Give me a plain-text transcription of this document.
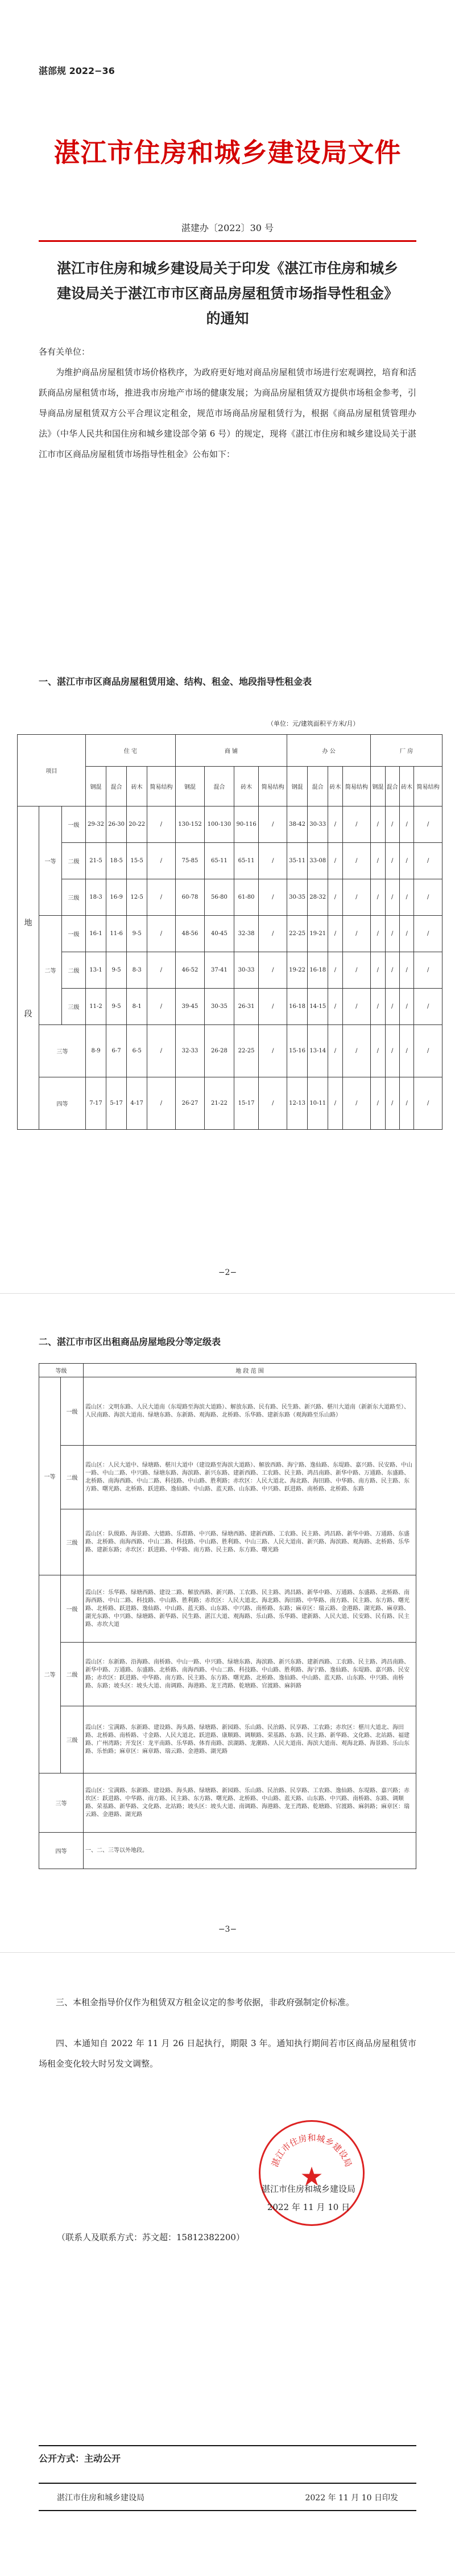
湛部规 2022−36
湛江市住房和城乡建设局文件
湛建办〔2022〕30 号
湛江市住房和城乡建设局关于印发《湛江市住房和城乡建设局关于湛江市市区商品房屋租赁市场指导性租金》的通知
各有关单位：
为维护商品房屋租赁市场价格秩序，为政府更好地对商品房屋租赁市场进行宏观调控，培育和活跃商品房屋租赁市场，推进我市房地产市场的健康发展；为商品房屋租赁双方提供市场租金参考，引导商品房屋租赁双方公平合理议定租金，规范市场商品房屋租赁行为，根据《商品房屋租赁管理办法》（中华人民共和国住房和城乡建设部令第 6 号）的规定，现将《湛江市住房和城乡建设局关于湛江市市区商品房屋租赁市场指导性租金》公布如下：
一、湛江市市区商品房屋租赁用途、结构、租金、地段指导性租金表
（单位：元/建筑面积平方米/月）
项目			住 宅				商 铺				办 公				厂 房			
			钢混	混合	砖木	简易结构	钢混	混合	砖木	简易结构	钢混	混合	砖木	简易结构	钢混	混合	砖木	简易结构

地
段	一等	一级	29-32	26-30	20-22	/	130-152	100-130	90-116	/	38-42	30-33	/	/	/	/	/	/
		二级	21-5	18-5	15-5	/	75-85	65-11	65-11	/	35-11	33-08	/	/	/	/	/	/
		三级	18-3	16-9	12-5	/	60-78	56-80	61-80	/	30-35	28-32	/	/	/	/	/	/
	二等	一级	16-1	11-6	9-5	/	48-56	40-45	32-38	/	22-25	19-21	/	/	/	/	/	/
		二级	13-1	9-5	8-3	/	46-52	37-41	30-33	/	19-22	16-18	/	/	/	/	/	/
		三级	11-2	9-5	8-1	/	39-45	30-35	26-31	/	16-18	14-15	/	/	/	/	/	/
	三等		8-9	6-7	6-5	/	32-33	26-28	22-25	/	15-16	13-14	/	/	/	/	/	/
	四等		7-17	5-17	4-17	/	26-27	21-22	15-17	/	12-13	10-11	/	/	/	/	/	/
−2−
二、湛江市市区出租商品房屋地段分等定级表
等级		地 段 范 围
一等	一级	霞山区：文明东路、人民大道南（东堤路至海滨大道路）、解放东路、民有路、民生路、新兴路、椹川大道南（新新东大道路至）、人民南路、海滨大道南、绿塘东路、东新路、观海路、北桥路、乐华路、建新东路（观海路至乐山路）
	二级	霞山区：人民大道中、绿塘路、椹川大道中（建设路至海滨大道路）、解放西路、海宁路、逸仙路、东堤路、嘉兴路、民安路、中山一路、中山二路、中兴路、绿塘东路、海滨路、新兴东路、建新西路、工农路、民主路、鸿昌南路、新华中路、万通路、东盛路、北桥路、南海西路、中山二路、科技路、中山路、胜利路；赤坎区：人民大道北、海北路、海田路、中华路、南方路、民主路、东方路、曙光路、北桥路、跃进路、逸仙路、中山路、蓝天路、山东路、中兴路、跃进路、南桥路、北桥路、东路
	三级	霞山区：队级路、海景路、大德路、乐群路、中兴路、绿塘西路、建新西路、工农路、民主路、鸿昌路、新华中路、万通路、东盛路、北桥路、南海西路、中山二路、科技路、中山路、胜利路、中山三路、人民大道南、新兴路、海滨路、观海路、北桥路、乐华路、建新东路；赤坎区：跃进路、中华路、南方路、民主路、东方路、曙光路
二等	一级	霞山区：乐华路、绿塘西路、建设二路、解放西路、新兴路、工农路、民主路、鸿昌路、新华中路、万通路、东盛路、北桥路、南海西路、中山二路、科技路、中山路、胜利路；赤坎区：人民大道北、海北路、海田路、中华路、南方路、民主路、东方路、曙光路、北桥路、跃进路、逸仙路、中山路、蓝天路、山东路、中兴路、南桥路、东路；麻章区：瑞云路、金港路、湖光路、麻章路、湖光东路、中兴路、绿塘路、新华路、民生路、湛江大道、观海路、乐山路、乐华路、建新路、人民大道、民安路、民有路、民主路、赤坎大道
	二级	霞山区：东新路、沿海路、南桥路、中山一路、中兴路、绿塘东路、海滨路、新兴东路、建新西路、工农路、民主路、鸿昌南路、新华中路、万通路、东盛路、北桥路、南海西路、中山二路、科技路、中山路、胜利路、海宁路、逸仙路、东堤路、嘉兴路、民安路；赤坎区：跃进路、中华路、南方路、民主路、东方路、曙光路、北桥路、逸仙路、中山路、蓝天路、山东路、中兴路、南桥路、东路；坡头区：坡头大道、南调路、海港路、龙王湾路、乾塘路、官渡路、麻斜路
	三级	霞山区：宝满路、东新路、建设路、海头路、绿塘路、新园路、乐山路、民治路、民享路、工农路；赤坎区：椹川大道北、海田路、北桥路、南桥路、寸金路、人民大道北、跃进路、康顺路、调顺路、荣基路、东路、民主路、新华路、文化路、北站路、福建路、广州湾路；开发区：龙平南路、乐华路、体育南路、滨湖路、龙潮路、人民大道南、海滨大道南、观海北路、海景路、乐山东路、乐怡路；麻章区：麻章路、瑞云路、金港路、湖光路
三等		霞山区：宝满路、东新路、建设路、海头路、绿塘路、新园路、乐山路、民治路、民享路、工农路、逸仙路、东堤路、嘉兴路；赤坎区：跃进路、中华路、南方路、民主路、东方路、曙光路、北桥路、中山路、蓝天路、山东路、中兴路、南桥路、东路、调顺路、荣基路、新华路、文化路、北站路；坡头区：坡头大道、南调路、海港路、龙王湾路、乾塘路、官渡路、麻斜路；麻章区：瑞云路、金港路、湖光路
四等		一、二、三等以外地段。
−3−
三、本租金指导价仅作为租赁双方租金议定的参考依据，非政府强制定价标准。
四、本通知自 2022 年 11 月 26 日起执行，期限 3 年。通知执行期间若市区商品房屋租赁市场租金变化较大时另发文调整。
湛江市住房和城乡建设局
★
湛江市住房和城乡建设局
2022 年 11 月 10 日
（联系人及联系方式：苏文超：15812382200）
公开方式：主动公开
湛江市住房和城乡建设局	2022 年 11 月 10 日印发
